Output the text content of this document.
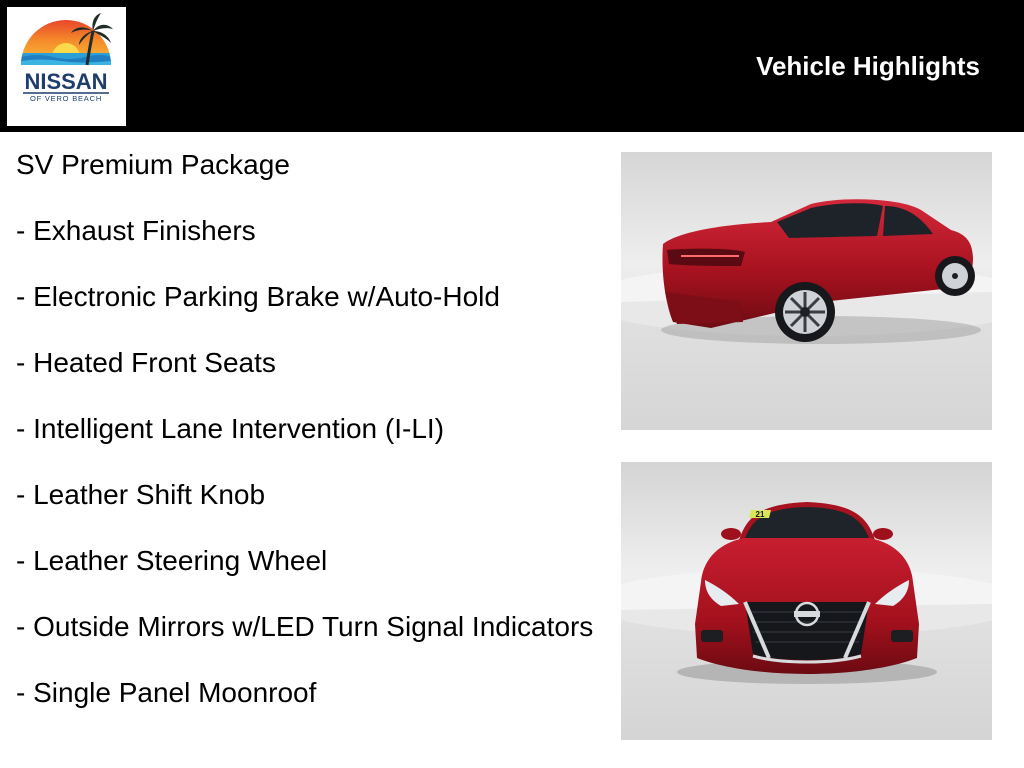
NISSAN
OF VERO BEACH
Vehicle Highlights
SV Premium Package
- Exhaust Finishers
- Electronic Parking Brake w/Auto-Hold
- Heated Front Seats
- Intelligent Lane Intervention (I-LI)
- Leather Shift Knob
- Leather Steering Wheel
- Outside Mirrors w/LED Turn Signal Indicators
- Single Panel Moonroof
21
